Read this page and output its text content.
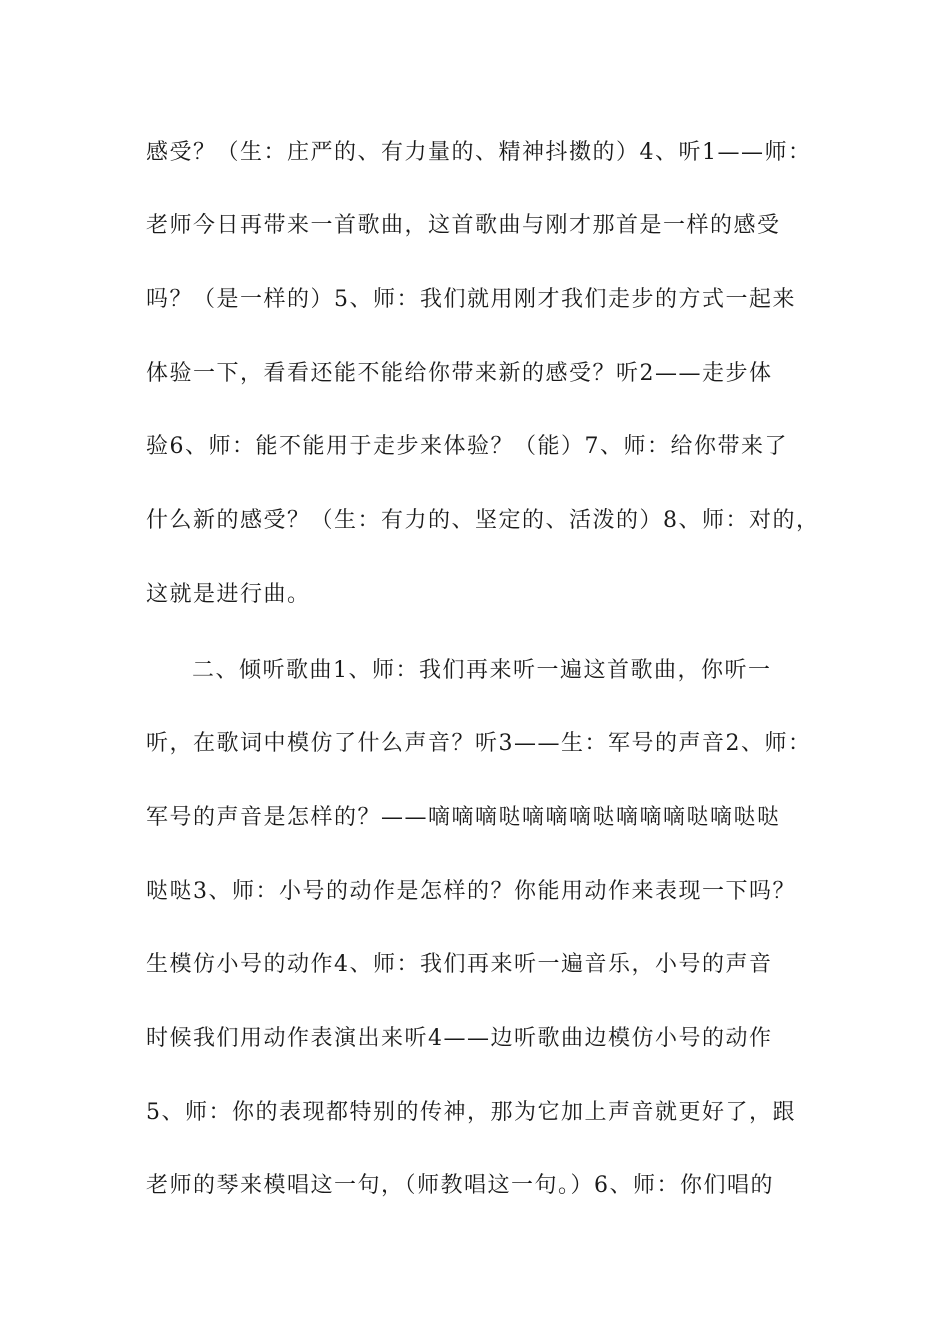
感受？（生：庄严的、有力量的、精神抖擞的）4、听1——师：
老师今日再带来一首歌曲，这首歌曲与刚才那首是一样的感受
吗？（是一样的）5、师：我们就用刚才我们走步的方式一起来
体验一下，看看还能不能给你带来新的感受？听2——走步体
验6、师：能不能用于走步来体验？（能）7、师：给你带来了
什么新的感受？（生：有力的、坚定的、活泼的）8、师：对的，
这就是进行曲。
二、倾听歌曲1、师：我们再来听一遍这首歌曲，你听一
听，在歌词中模仿了什么声音？听3——生：军号的声音2、师：
军号的声音是怎样的？——嘀嘀嘀哒嘀嘀嘀哒嘀嘀嘀哒嘀哒哒
哒哒3、师：小号的动作是怎样的？你能用动作来表现一下吗？
生模仿小号的动作4、师：我们再来听一遍音乐，小号的声音
时候我们用动作表演出来听4——边听歌曲边模仿小号的动作
5、师：你的表现都特别的传神，那为它加上声音就更好了，跟
老师的琴来模唱这一句，（师教唱这一句。）6、师：你们唱的
